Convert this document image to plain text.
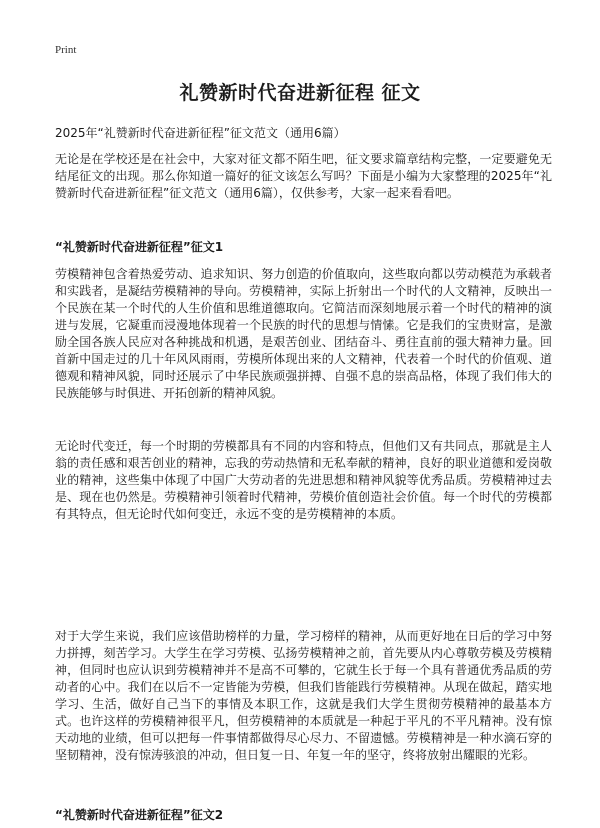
Print
礼赞新时代奋进新征程 征文
2025年“礼赞新时代奋进新征程”征文范文（通用6篇）
无论是在学校还是在社会中，大家对征文都不陌生吧，征文要求篇章结构完整，一定要避免无结尾征文的出现。那么你知道一篇好的征文该怎么写吗？下面是小编为大家整理的2025年“礼赞新时代奋进新征程”征文范文（通用6篇），仅供参考，大家一起来看看吧。
“礼赞新时代奋进新征程”征文1
劳模精神包含着热爱劳动、追求知识、努力创造的价值取向，这些取向都以劳动模范为承载者和实践者，是凝结劳模精神的导向。劳模精神，实际上折射出一个时代的人文精神，反映出一个民族在某一个时代的人生价值和思维道德取向。它简洁而深刻地展示着一个时代的精神的演进与发展，它凝重而浸漫地体现着一个民族的时代的思想与情愫。它是我们的宝贵财富，是激励全国各族人民应对各种挑战和机遇，是艰苦创业、团结奋斗、勇往直前的强大精神力量。回首新中国走过的几十年风风雨雨，劳模所体现出来的人文精神，代表着一个时代的价值观、道德观和精神风貌，同时还展示了中华民族顽强拼搏、自强不息的崇高品格，体现了我们伟大的民族能够与时俱进、开拓创新的精神风貌。
无论时代变迁，每一个时期的劳模都具有不同的内容和特点，但他们又有共同点，那就是主人翁的责任感和艰苦创业的精神，忘我的劳动热情和无私奉献的精神，良好的职业道德和爱岗敬业的精神，这些集中体现了中国广大劳动者的先进思想和精神风貌等优秀品质。劳模精神过去是、现在也仍然是。劳模精神引领着时代精神，劳模价值创造社会价值。每一个时代的劳模都有其特点，但无论时代如何变迁，永远不变的是劳模精神的本质。
对于大学生来说，我们应该借助榜样的力量，学习榜样的精神，从而更好地在日后的学习中努力拼搏，刻苦学习。大学生在学习劳模、弘扬劳模精神之前，首先要从内心尊敬劳模及劳模精神，但同时也应认识到劳模精神并不是高不可攀的，它就生长于每一个具有普通优秀品质的劳动者的心中。我们在以后不一定皆能为劳模，但我们皆能践行劳模精神。从现在做起，踏实地学习、生活，做好自己当下的事情及本职工作，这就是我们大学生贯彻劳模精神的最基本方式。也许这样的劳模精神很平凡，但劳模精神的本质就是一种起于平凡的不平凡精神。没有惊天动地的业绩，但可以把每一件事情都做得尽心尽力、不留遗憾。劳模精神是一种水滴石穿的坚韧精神，没有惊涛骇浪的冲动，但日复一日、年复一年的坚守，终将放射出耀眼的光彩。
“礼赞新时代奋进新征程”征文2
